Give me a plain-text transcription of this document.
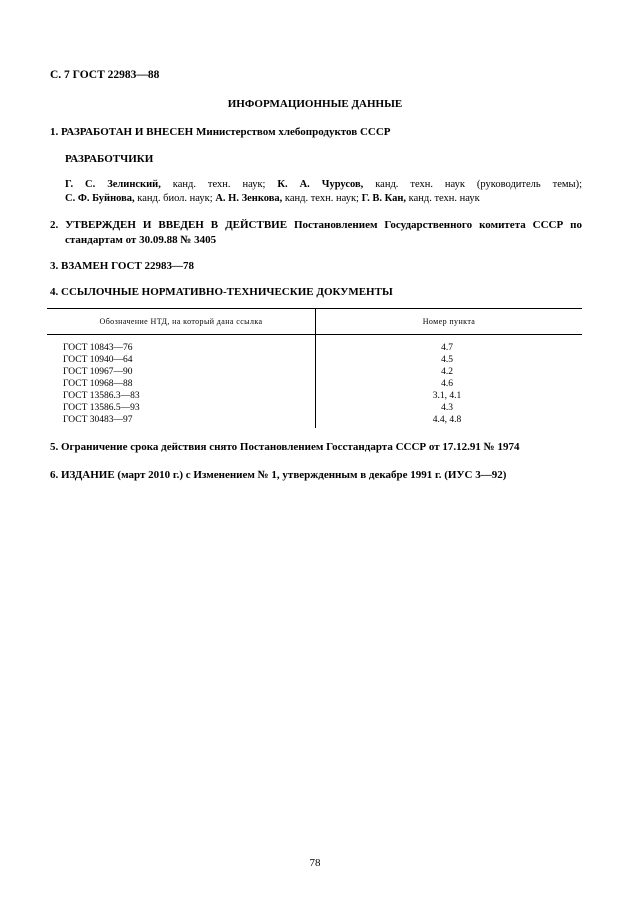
С. 7 ГОСТ 22983—88
ИНФОРМАЦИОННЫЕ ДАННЫЕ
1. РАЗРАБОТАН И ВНЕСЕН Министерством хлебопродуктов СССР
РАЗРАБОТЧИКИ
Г. С. Зелинский, канд. техн. наук; К. А. Чурусов, канд. техн. наук (руководитель темы);
С. Ф. Буйнова, канд. биол. наук; А. Н. Зенкова, канд. техн. наук; Г. В. Кан, канд. техн. наук
2. УТВЕРЖДЕН И ВВЕДЕН В ДЕЙСТВИЕ Постановлением Государственного комитета СССР по
стандартам от 30.09.88 № 3405
3. ВЗАМЕН ГОСТ 22983—78
4. ССЫЛОЧНЫЕ НОРМАТИВНО-ТЕХНИЧЕСКИЕ ДОКУМЕНТЫ
Обозначение НТД, на который дана ссылка	Номер пункта
ГОСТ 10843—76
ГОСТ 10940—64
ГОСТ 10967—90
ГОСТ 10968—88
ГОСТ 13586.3—83
ГОСТ 13586.5—93
ГОСТ 30483—97
4.7
4.5
4.2
4.6
3.1, 4.1
4.3
4.4, 4.8
5. Ограничение срока действия снято Постановлением Госстандарта СССР от 17.12.91 № 1974
6. ИЗДАНИЕ (март 2010 г.) с Изменением № 1, утвержденным в декабре 1991 г. (ИУС 3—92)
78
